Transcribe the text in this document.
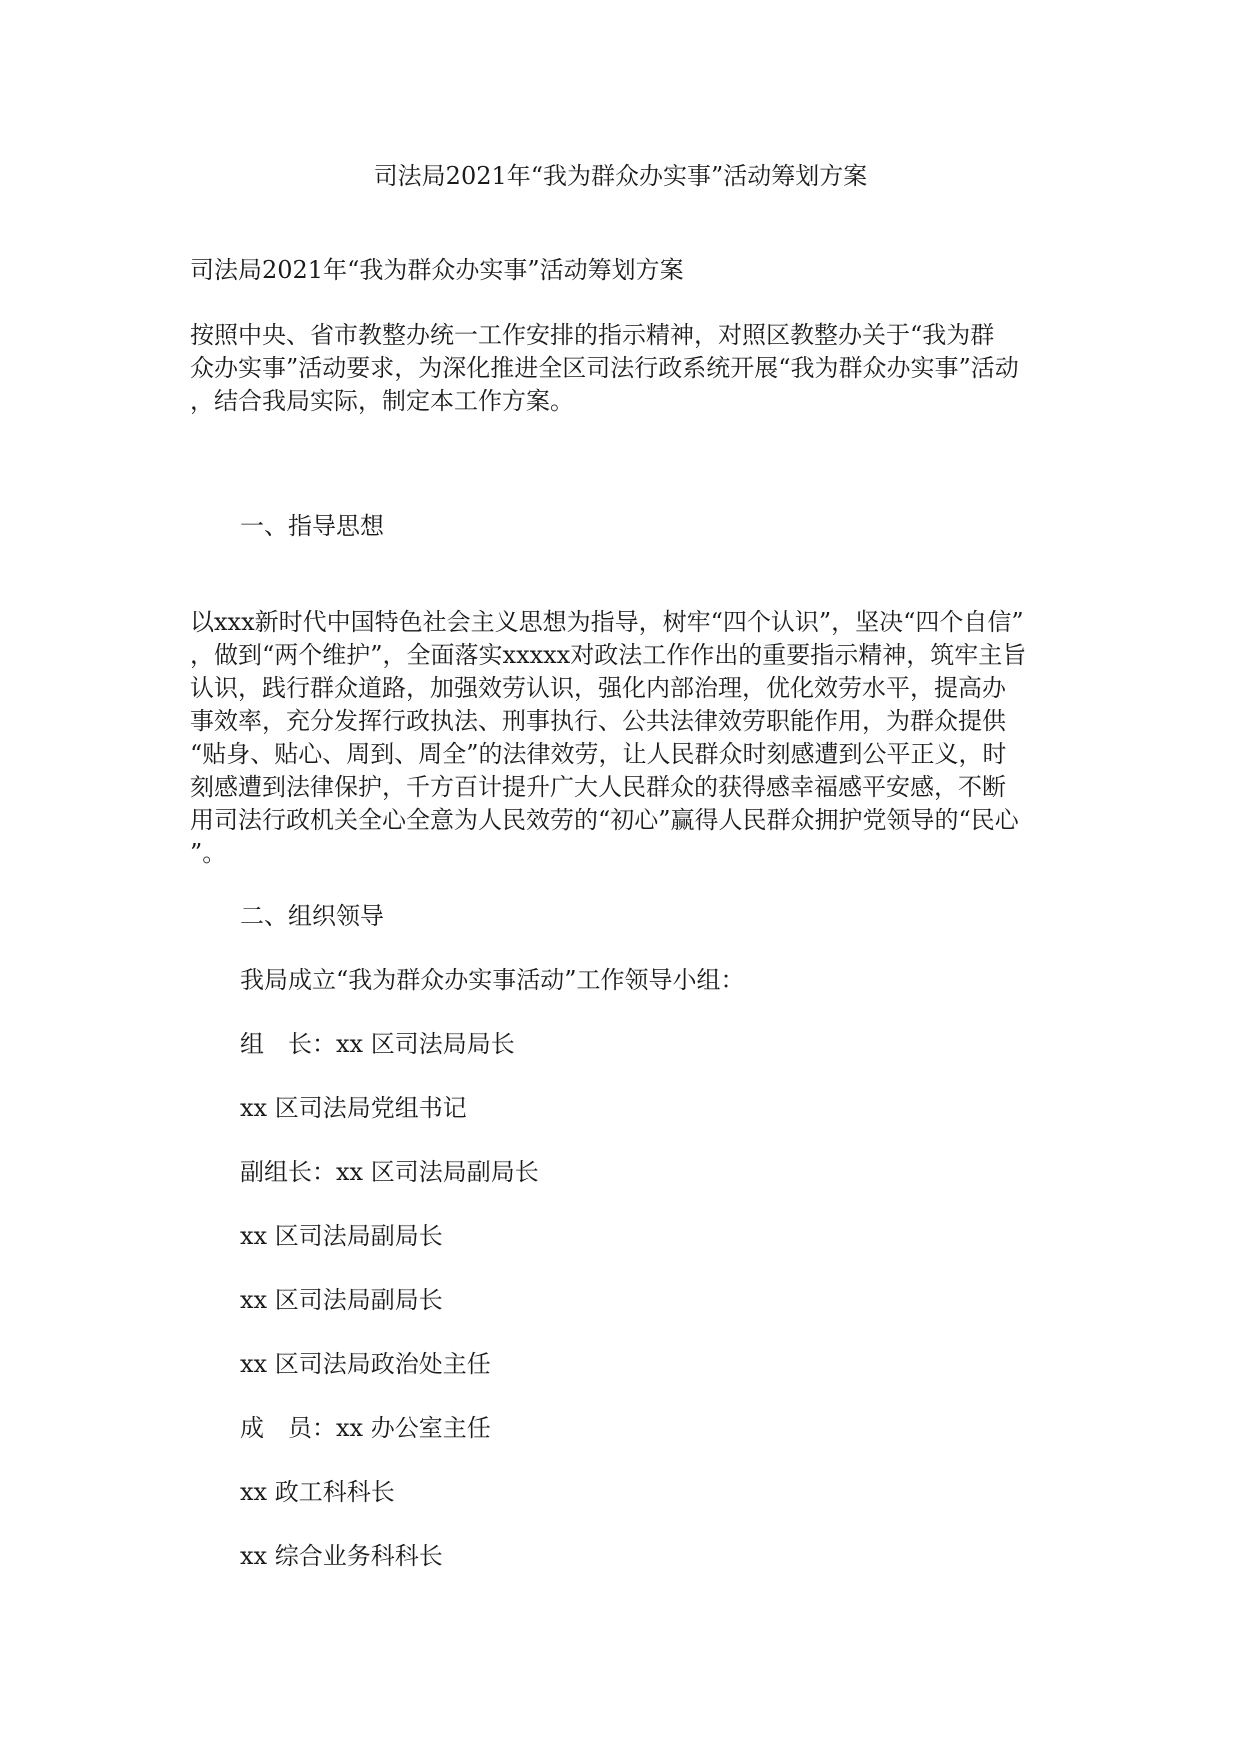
司法局2021年“我为群众办实事”活动筹划方案

司法局2021年“我为群众办实事”活动筹划方案

按照中央、省市教整办统一工作安排的指示精神，对照区教整办关于“我为群
众办实事”活动要求，为深化推进全区司法行政系统开展“我为群众办实事”活动
，结合我局实际，制定本工作方案。

一、指导思想

以xxx新时代中国特色社会主义思想为指导，树牢“四个认识”，坚决“四个自信”
，做到“两个维护”，全面落实xxxxx对政法工作作出的重要指示精神，筑牢主旨
认识，践行群众道路，加强效劳认识，强化内部治理，优化效劳水平，提高办
事效率，充分发挥行政执法、刑事执行、公共法律效劳职能作用，为群众提供
“贴身、贴心、周到、周全”的法律效劳，让人民群众时刻感遭到公平正义，时
刻感遭到法律保护，千方百计提升广大人民群众的获得感幸福感平安感，不断
用司法行政机关全心全意为人民效劳的“初心”赢得人民群众拥护党领导的“民心
”。

二、组织领导

我局成立“我为群众办实事活动”工作领导小组：

组　长：xx 区司法局局长

xx 区司法局党组书记

副组长：xx 区司法局副局长

xx 区司法局副局长

xx 区司法局副局长

xx 区司法局政治处主任

成　员：xx 办公室主任

xx 政工科科长

xx 综合业务科科长
